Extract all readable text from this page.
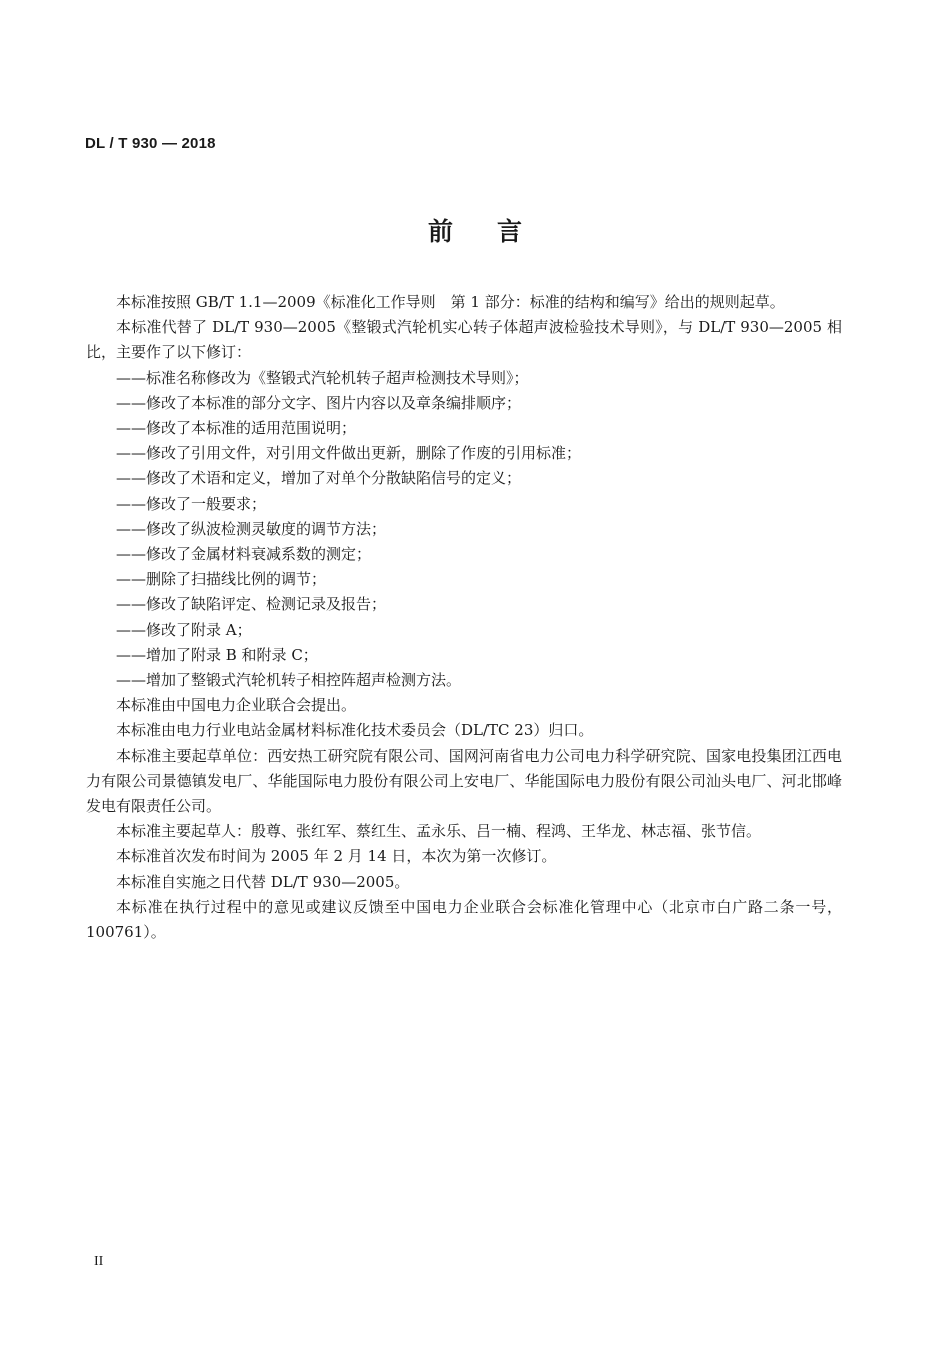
DL / T 930 — 2018
前言

本标准按照 GB/T 1.1—2009《标准化工作导则　第 1 部分：标准的结构和编写》给出的规则起草。

本标准代替了 DL/T 930—2005《整锻式汽轮机实心转子体超声波检验技术导则》，与 DL/T 930—2005 相比，主要作了以下修订：

——标准名称修改为《整锻式汽轮机转子超声检测技术导则》；

——修改了本标准的部分文字、图片内容以及章条编排顺序；

——修改了本标准的适用范围说明；

——修改了引用文件，对引用文件做出更新，删除了作废的引用标准；

——修改了术语和定义，增加了对单个分散缺陷信号的定义；

——修改了一般要求；

——修改了纵波检测灵敏度的调节方法；

——修改了金属材料衰减系数的测定；

——删除了扫描线比例的调节；

——修改了缺陷评定、检测记录及报告；

——修改了附录 A；

——增加了附录 B 和附录 C；

——增加了整锻式汽轮机转子相控阵超声检测方法。

本标准由中国电力企业联合会提出。

本标准由电力行业电站金属材料标准化技术委员会（DL/TC 23）归口。

本标准主要起草单位：西安热工研究院有限公司、国网河南省电力公司电力科学研究院、国家电投集团江西电力有限公司景德镇发电厂、华能国际电力股份有限公司上安电厂、华能国际电力股份有限公司汕头电厂、河北邯峰发电有限责任公司。

本标准主要起草人：殷尊、张红军、蔡红生、孟永乐、吕一楠、程鸿、王华龙、林志福、张节信。

本标准首次发布时间为 2005 年 2 月 14 日，本次为第一次修订。

本标准自实施之日代替 DL/T 930—2005。

本标准在执行过程中的意见或建议反馈至中国电力企业联合会标准化管理中心（北京市白广路二条一号，100761）。

II
